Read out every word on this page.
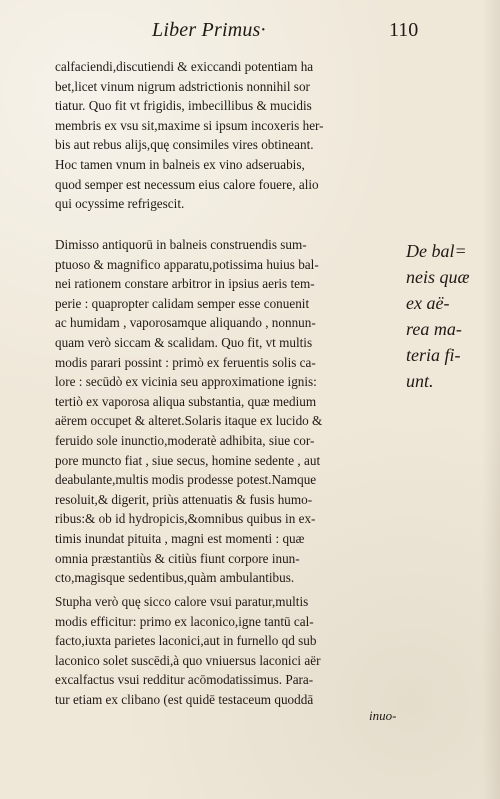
Liber Primus·	110
calfaciendi,discutiendi & exiccandi potentiam ha
bet,licet vinum nigrum adstrictionis nonnihil sor
tiatur. Quo fit vt frigidis, imbecillibus & mucidis
membris ex vsu sit,maxime si ipsum incoxeris her-
bis aut rebus alijs,quę consimiles vires obtineant.
Hoc tamen vnum in balneis ex vino adseruabis,
quod semper est necessum eius calore fouere, alio
qui ocyssime refrigescit.
Dimisso antiquorū in balneis construendis sum-
ptuoso & magnifico apparatu,potissima huius bal-
nei rationem constare arbitror in ipsius aeris tem-
perie : quapropter calidam semper esse conuenit
ac humidam , vaporosamque aliquando , nonnun-
quam verò siccam & scalidam. Quo fit, vt multis
modis parari possint : primò ex feruentis solis ca-
lore : secūdò ex vicinia seu approximatione ignis:
tertiò ex vaporosa aliqua substantia, quæ medium
aërem occupet & alteret.Solaris itaque ex lucido &
feruido sole inunctio,moderatè adhibita, siue cor-
pore muncto fiat , siue secus, homine sedente , aut
deabulante,multis modis prodesse potest.Namque
resoluit,& digerit, priùs attenuatis & fusis humo-
ribus:& ob id hydropicis,&omnibus quibus in ex-
timis inundat pituita , magni est momenti : quæ
omnia præstantiùs & citiùs fiunt corpore inun-
cto,magisque sedentibus,quàm ambulantibus.
De bal=
neis quæ
ex aë-
rea ma-
teria fi-
unt.
Stupha verò quę sicco calore vsui paratur,multis
modis efficitur: primo ex laconico,igne tantū cal-
facto,iuxta parietes laconici,aut in furnello qd sub
laconico solet suscēdi,à quo vniuersus laconici aër
excalfactus vsui redditur acōmodatissimus. Para-
tur etiam ex clibano (est quidē testaceum quoddā
inuo-
